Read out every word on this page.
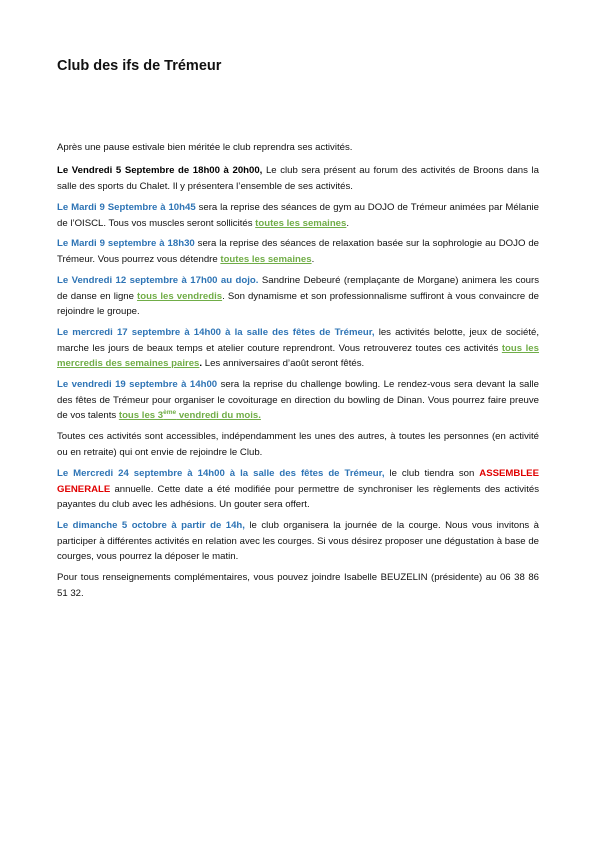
Club des ifs de Trémeur

Après une pause estivale bien méritée le club reprendra ses activités.

Le Vendredi 5 Septembre de 18h00 à 20h00, Le club sera présent au forum des activités de Broons dans la salle des sports du Chalet. Il y présentera l’ensemble de ses activités.

Le Mardi 9 Septembre à 10h45 sera la reprise des séances de gym au DOJO de Trémeur animées par Mélanie de l’OISCL. Tous vos muscles seront sollicités toutes les semaines.

Le Mardi 9 septembre à 18h30 sera la reprise des séances de relaxation basée sur la sophrologie au DOJO de Trémeur. Vous pourrez vous détendre toutes les semaines.

Le Vendredi 12 septembre à 17h00 au dojo. Sandrine Debeuré (remplaçante de Morgane) animera les cours de danse en ligne tous les vendredis. Son dynamisme et son professionnalisme suffiront à vous convaincre de rejoindre le groupe.

Le mercredi 17 septembre à 14h00 à la salle des fêtes de Trémeur, les activités belotte, jeux de société, marche les jours de beaux temps et atelier couture reprendront. Vous retrouverez toutes ces activités tous les mercredis des semaines paires. Les anniversaires d’août seront fêtés.

Le vendredi 19 septembre à 14h00 sera la reprise du challenge bowling. Le rendez-vous sera devant la salle des fêtes de Trémeur pour organiser le covoiturage en direction du bowling de Dinan. Vous pourrez faire preuve de vos talents tous les 3ème vendredi du mois.

Toutes ces activités sont accessibles, indépendamment les unes des autres, à toutes les personnes (en activité ou en retraite) qui ont envie de rejoindre le Club.

Le Mercredi 24 septembre à 14h00 à la salle des fêtes de Trémeur, le club tiendra son ASSEMBLEE GENERALE annuelle. Cette date a été modifiée pour permettre de synchroniser les règlements des activités payantes du club avec les adhésions. Un gouter sera offert.

Le dimanche 5 octobre à partir de 14h, le club organisera la journée de la courge. Nous vous invitons à participer à différentes activités en relation avec les courges. Si vous désirez proposer une dégustation à base de courges, vous pourrez la déposer le matin.

Pour tous renseignements complémentaires, vous pouvez joindre Isabelle BEUZELIN (présidente) au 06 38 86 51 32.
